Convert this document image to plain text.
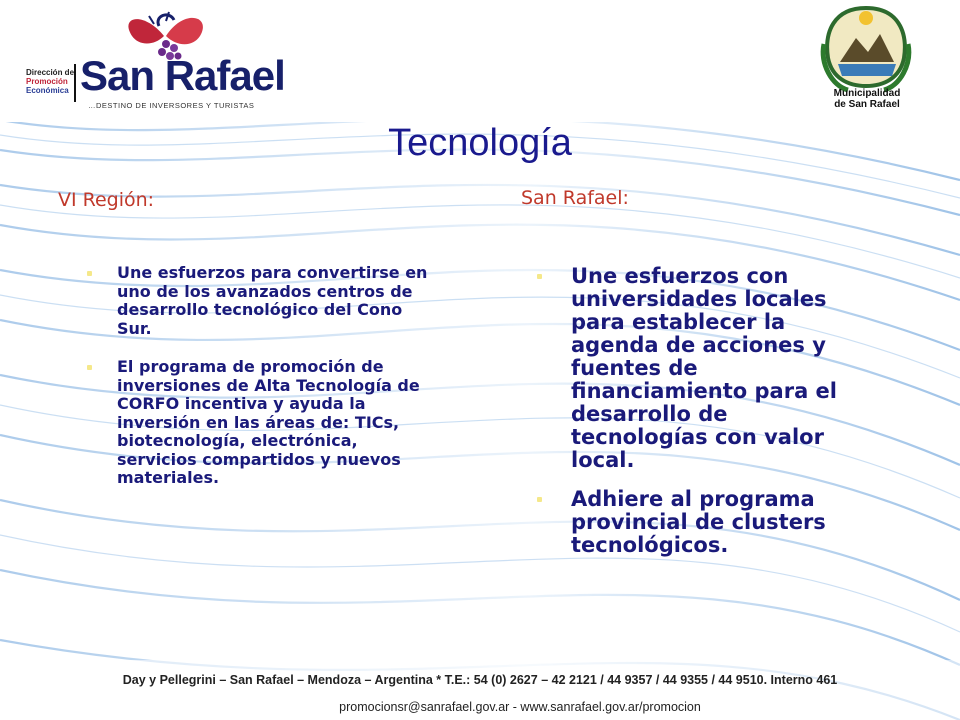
Dirección de
Promoción
Económica San Rafael
…DESTINO DE INVERSORES Y TURISTAS
Municipalidad
de San Rafael
Tecnología
VI Región:	San Rafael:
Une esfuerzos para convertirse en uno de los avanzados centros de desarrollo tecnológico del Cono Sur.
El programa de promoción de inversiones de Alta Tecnología de CORFO incentiva y ayuda la inversión en las áreas de: TICs, biotecnología, electrónica, servicios compartidos y nuevos materiales.
Une esfuerzos con universidades locales para establecer la agenda de acciones y fuentes de financiamiento para el desarrollo de tecnologías con valor local.
Adhiere al programa provincial de clusters tecnológicos.
Day y Pellegrini – San Rafael – Mendoza – Argentina * T.E.: 54 (0) 2627 – 42 2121 / 44 9357 / 44 9355 / 44 9510. Interno 461
promocionsr@sanrafael.gov.ar - www.sanrafael.gov.ar/promocion
